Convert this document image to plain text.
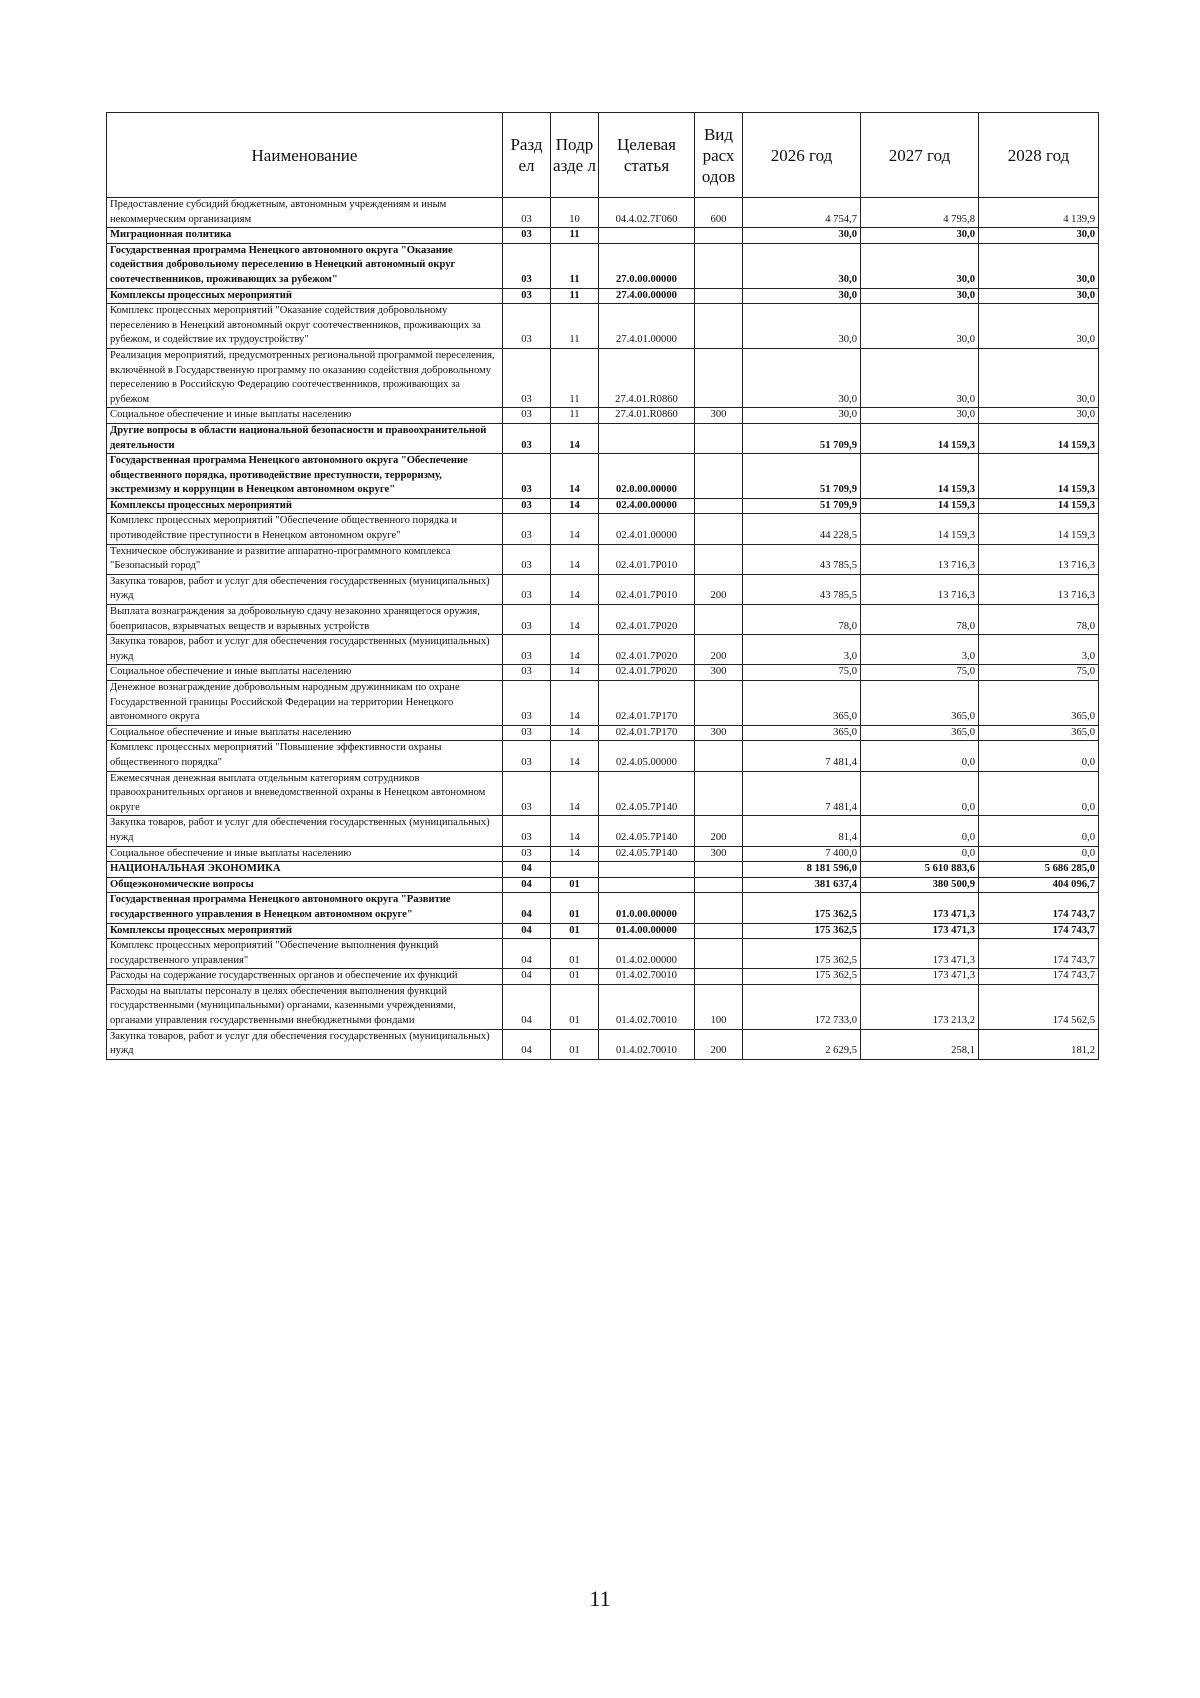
Наименование	Разд ел	Подр азде л	Целевая статья	Вид расх одов	2026 год	2027 год	2028 год
Предоставление субсидий бюджетным, автономным учреждениям и иным некоммерческим организациям	03	10	04.4.02.7Г060	600	4 754,7	4 795,8	4 139,9
Миграционная политика	03	11			30,0	30,0	30,0
Государственная программа Ненецкого автономного округа "Оказание содействия добровольному переселению в Ненецкий автономный округ соотечественников, проживающих за рубежом"	03	11	27.0.00.00000		30,0	30,0	30,0
Комплексы процессных мероприятий	03	11	27.4.00.00000		30,0	30,0	30,0
Комплекс процессных мероприятий "Оказание содействия добровольному переселению в Ненецкий автономный округ соотечественников, проживающих за рубежом, и содействие их трудоустройству"	03	11	27.4.01.00000		30,0	30,0	30,0
Реализация мероприятий, предусмотренных региональной программой переселения, включённой в Государственную программу по оказанию содействия добровольному переселению в Российскую Федерацию соотечественников, проживающих за рубежом	03	11	27.4.01.R0860		30,0	30,0	30,0
Социальное обеспечение и иные выплаты населению	03	11	27.4.01.R0860	300	30,0	30,0	30,0
Другие вопросы в области национальной безопасности и правоохранительной деятельности	03	14			51 709,9	14 159,3	14 159,3
Государственная программа Ненецкого автономного округа "Обеспечение общественного порядка, противодействие преступности, терроризму, экстремизму и коррупции в Ненецком автономном округе"	03	14	02.0.00.00000		51 709,9	14 159,3	14 159,3
Комплексы процессных мероприятий	03	14	02.4.00.00000		51 709,9	14 159,3	14 159,3
Комплекс процессных мероприятий "Обеспечение общественного порядка и противодействие преступности в Ненецком автономном округе"	03	14	02.4.01.00000		44 228,5	14 159,3	14 159,3
Техническое обслуживание и развитие аппаратно-программного комплекса "Безопасный город"	03	14	02.4.01.7Р010		43 785,5	13 716,3	13 716,3
Закупка товаров, работ и услуг для обеспечения государственных (муниципальных) нужд	03	14	02.4.01.7Р010	200	43 785,5	13 716,3	13 716,3
Выплата вознаграждения за добровольную сдачу незаконно хранящегося оружия, боеприпасов, взрывчатых веществ и взрывных устройств	03	14	02.4.01.7Р020		78,0	78,0	78,0
Закупка товаров, работ и услуг для обеспечения государственных (муниципальных) нужд	03	14	02.4.01.7Р020	200	3,0	3,0	3,0
Социальное обеспечение и иные выплаты населению	03	14	02.4.01.7Р020	300	75,0	75,0	75,0
Денежное вознаграждение добровольным народным дружинникам по охране Государственной границы Российской Федерации на территории Ненецкого автономного округа	03	14	02.4.01.7Р170		365,0	365,0	365,0
Социальное обеспечение и иные выплаты населению	03	14	02.4.01.7Р170	300	365,0	365,0	365,0
Комплекс процессных мероприятий "Повышение эффективности охраны общественного порядка"	03	14	02.4.05.00000		7 481,4	0,0	0,0
Ежемесячная денежная выплата отдельным категориям сотрудников правоохранительных органов и вневедомственной охраны в Ненецком автономном округе	03	14	02.4.05.7Р140		7 481,4	0,0	0,0
Закупка товаров, работ и услуг для обеспечения государственных (муниципальных) нужд	03	14	02.4.05.7Р140	200	81,4	0,0	0,0
Социальное обеспечение и иные выплаты населению	03	14	02.4.05.7Р140	300	7 400,0	0,0	0,0
НАЦИОНАЛЬНАЯ ЭКОНОМИКА	04				8 181 596,0	5 610 883,6	5 686 285,0
Общеэкономические вопросы	04	01			381 637,4	380 500,9	404 096,7
Государственная программа Ненецкого автономного округа "Развитие государственного управления в Ненецком автономном округе"	04	01	01.0.00.00000		175 362,5	173 471,3	174 743,7
Комплексы процессных мероприятий	04	01	01.4.00.00000		175 362,5	173 471,3	174 743,7
Комплекс процессных мероприятий "Обеспечение выполнения функций государственного управления"	04	01	01.4.02.00000		175 362,5	173 471,3	174 743,7
Расходы на содержание государственных органов и обеспечение их функций	04	01	01.4.02.70010		175 362,5	173 471,3	174 743,7
Расходы на выплаты персоналу в целях обеспечения выполнения функций государственными (муниципальными) органами, казенными учреждениями, органами управления государственными внебюджетными фондами	04	01	01.4.02.70010	100	172 733,0	173 213,2	174 562,5
Закупка товаров, работ и услуг для обеспечения государственных (муниципальных) нужд	04	01	01.4.02.70010	200	2 629,5	258,1	181,2
11
